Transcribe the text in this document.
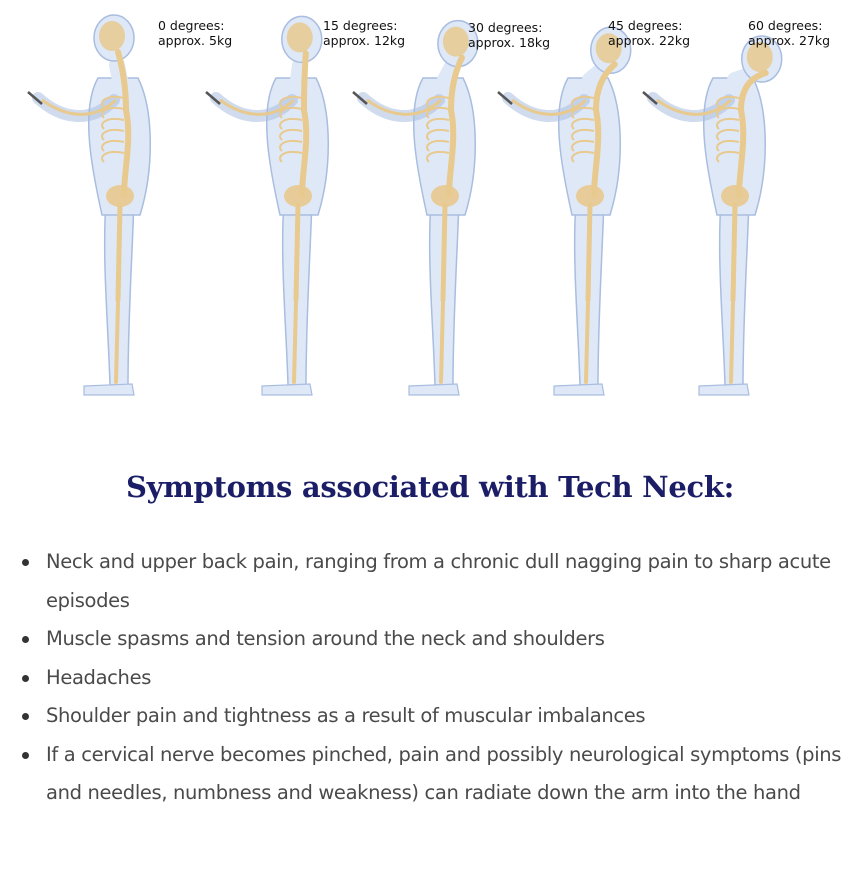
0 degrees:
approx. 5kg
15 degrees:
approx. 12kg
30 degrees:
approx. 18kg
45 degrees:
approx. 22kg
60 degrees:
approx. 27kg
Symptoms associated with Tech Neck:
Neck and upper back pain, ranging from a chronic dull nagging pain to sharp acute episodes
Muscle spasms and tension around the neck and shoulders
Headaches
Shoulder pain and tightness as a result of muscular imbalances
If a cervical nerve becomes pinched, pain and possibly neurological symptoms (pins and needles, numbness and weakness) can radiate down the arm into the hand
